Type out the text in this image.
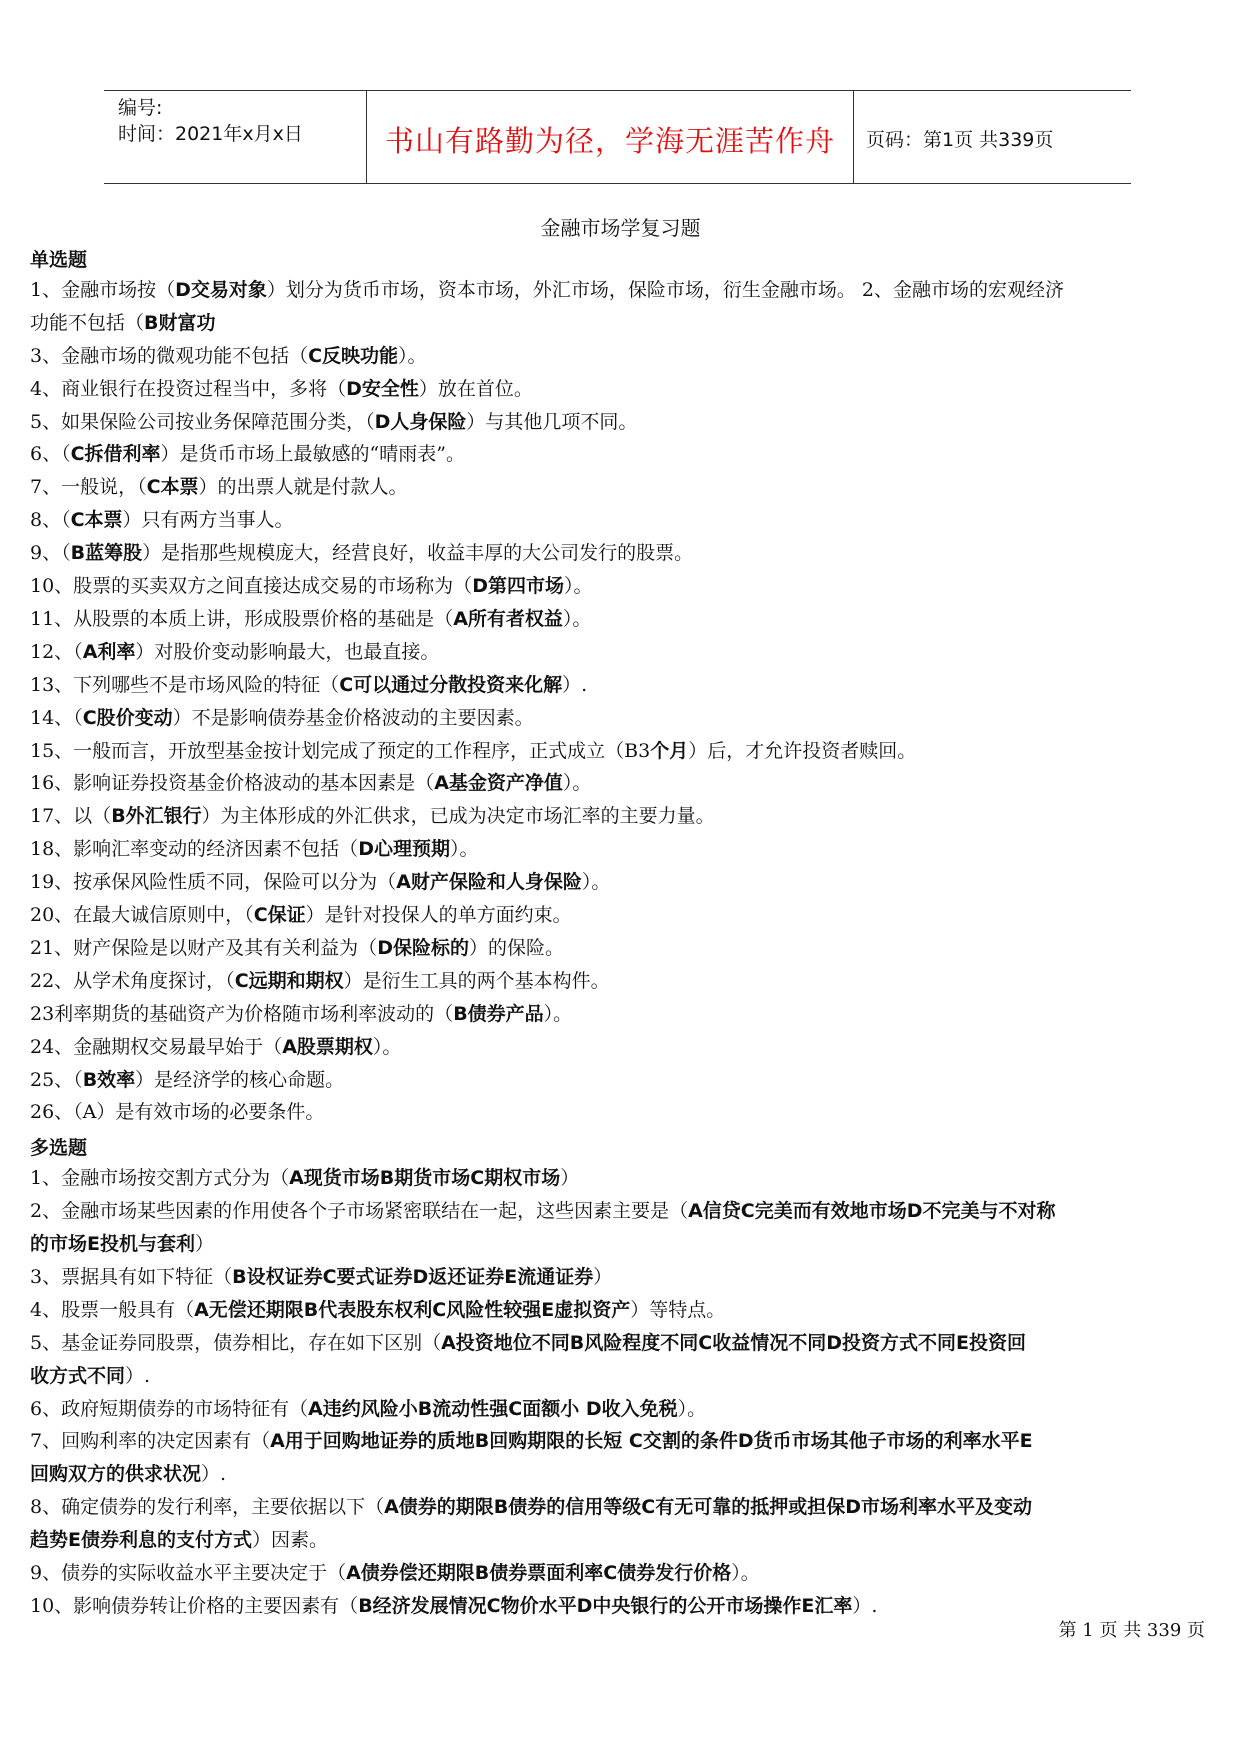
编号:
时间：2021年x月x日	书山有路勤为径，学海无涯苦作舟	页码：第1页 共339页
金融市场学复习题
单选题
1、金融市场按（D交易对象）划分为货币市场，资本市场，外汇市场，保险市场，衍生金融市场。 2、金融市场的宏观经济
功能不包括（B财富功
3、金融市场的微观功能不包括（C反映功能）。
4、商业银行在投资过程当中，多将（D安全性）放在首位。
5、如果保险公司按业务保障范围分类，（D人身保险）与其他几项不同。
6、（C拆借利率）是货币市场上最敏感的“晴雨表”。
7、一般说，（C本票）的出票人就是付款人。
8、（C本票）只有两方当事人。
9、（B蓝筹股）是指那些规模庞大，经营良好，收益丰厚的大公司发行的股票。
10、股票的买卖双方之间直接达成交易的市场称为（D第四市场）。
11、从股票的本质上讲，形成股票价格的基础是（A所有者权益）。
12、（A利率）对股价变动影响最大，也最直接。
13、下列哪些不是市场风险的特征（C可以通过分散投资来化解）.
14、（C股价变动）不是影响债券基金价格波动的主要因素。
15、一般而言，开放型基金按计划完成了预定的工作程序，正式成立（B3个月）后，才允许投资者赎回。
16、影响证券投资基金价格波动的基本因素是（A基金资产净值）。
17、以（B外汇银行）为主体形成的外汇供求，已成为决定市场汇率的主要力量。
18、影响汇率变动的经济因素不包括（D心理预期）。
19、按承保风险性质不同，保险可以分为（A财产保险和人身保险）。
20、在最大诚信原则中，（C保证）是针对投保人的单方面约束。
21、财产保险是以财产及其有关利益为（D保险标的）的保险。
22、从学术角度探讨，（C远期和期权）是衍生工具的两个基本构件。
23利率期货的基础资产为价格随市场利率波动的（B债券产品）。
24、金融期权交易最早始于（A股票期权）。
25、（B效率）是经济学的核心命题。
26、（A）是有效市场的必要条件。
多选题
1、金融市场按交割方式分为（A现货市场B期货市场C期权市场）
2、金融市场某些因素的作用使各个子市场紧密联结在一起，这些因素主要是（A信贷C完美而有效地市场D不完美与不对称
的市场E投机与套利）
3、票据具有如下特征（B设权证券C要式证券D返还证券E流通证券）
4、股票一般具有（A无偿还期限B代表股东权利C风险性较强E虚拟资产）等特点。
5、基金证券同股票，债券相比，存在如下区别（A投资地位不同B风险程度不同C收益情况不同D投资方式不同E投资回
收方式不同）.
6、政府短期债券的市场特征有（A违约风险小B流动性强C面额小 D收入免税）。
7、回购利率的决定因素有（A用于回购地证券的质地B回购期限的长短 C交割的条件D货币市场其他子市场的利率水平E
回购双方的供求状况）.
8、确定债券的发行利率，主要依据以下（A债券的期限B债券的信用等级C有无可靠的抵押或担保D市场利率水平及变动
趋势E债券利息的支付方式）因素。
9、债券的实际收益水平主要决定于（A债券偿还期限B债券票面利率C债券发行价格）。
10、影响债券转让价格的主要因素有（B经济发展情况C物价水平D中央银行的公开市场操作E汇率）.
第 1 页 共 339 页
